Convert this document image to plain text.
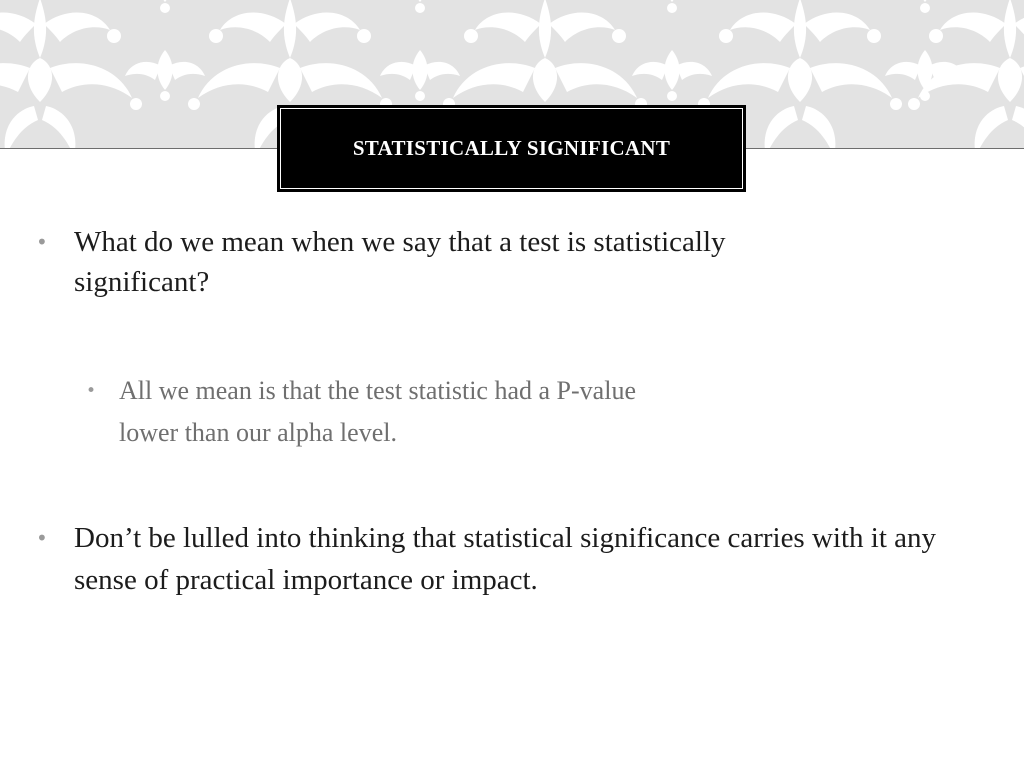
STATISTICALLY SIGNIFICANT
• What do we mean when we say that a test is statistically significant?
• All we mean is that the test statistic had a P-value lower than our alpha level.
• Don’t be lulled into thinking that statistical significance carries with it any sense of practical importance or impact.
